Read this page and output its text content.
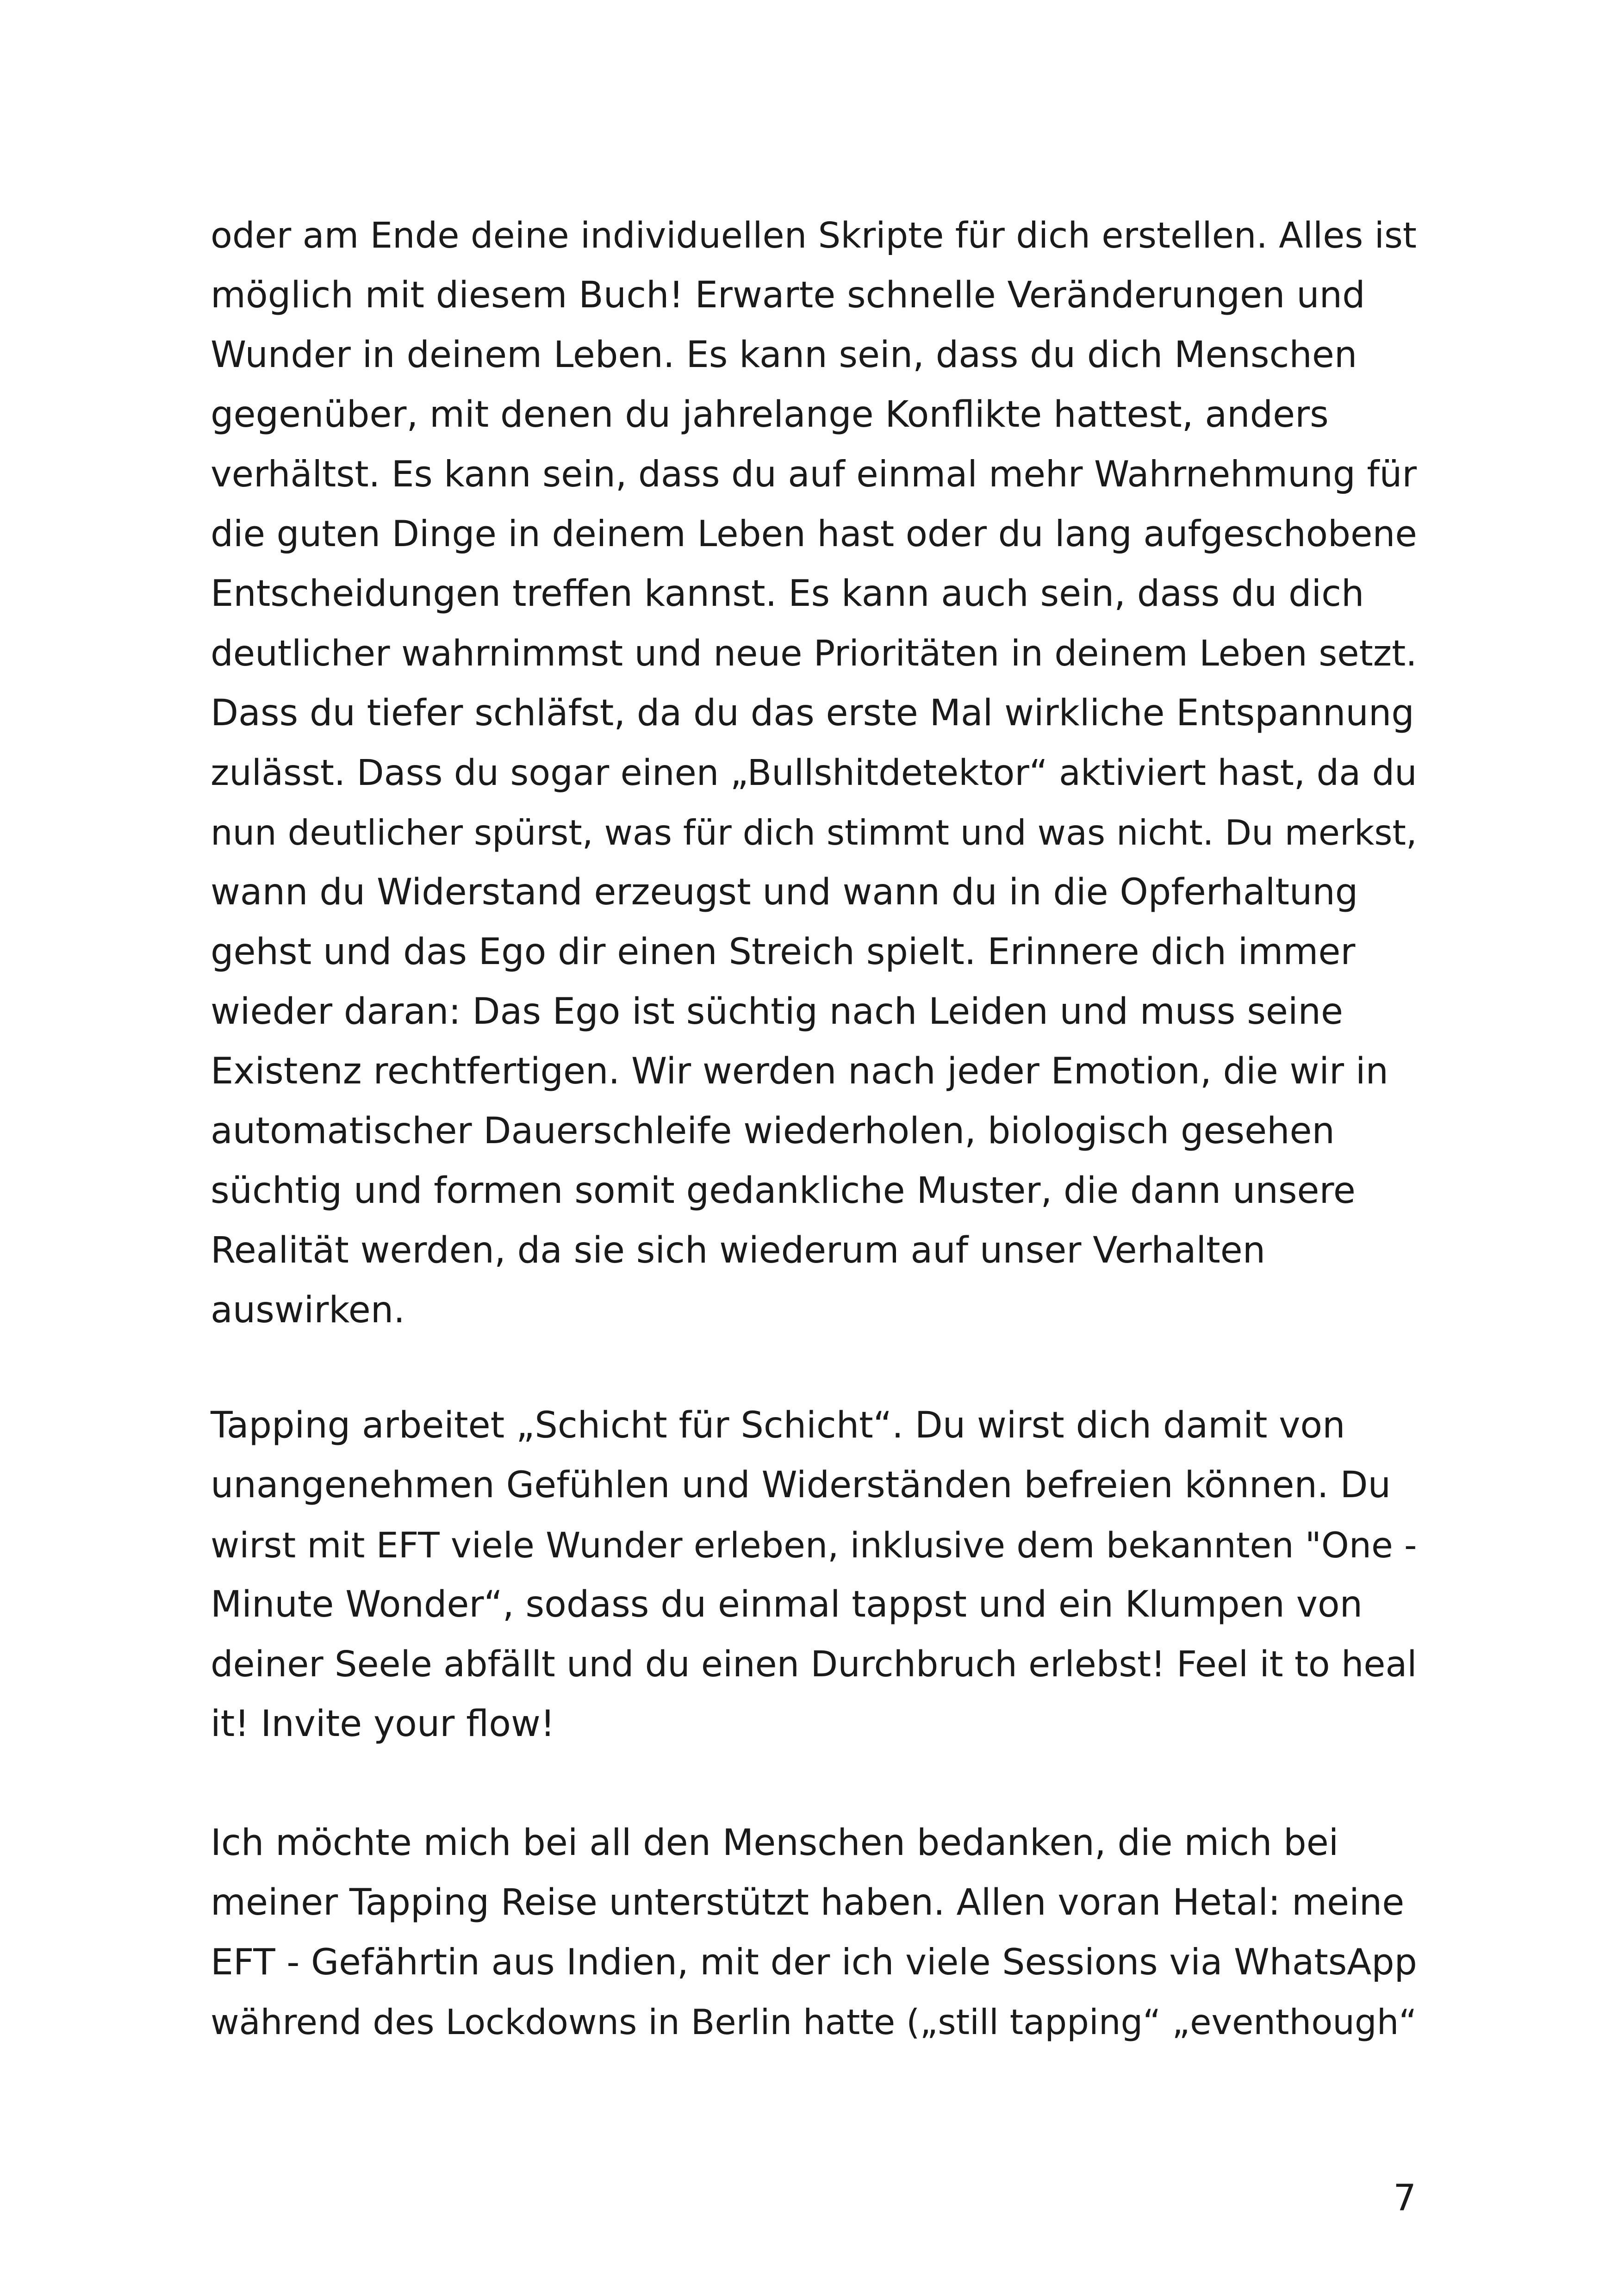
oder am Ende deine individuellen Skripte für dich erstellen. Alles ist
möglich mit diesem Buch! Erwarte schnelle Veränderungen und
Wunder in deinem Leben. Es kann sein, dass du dich Menschen
gegenüber, mit denen du jahrelange Konflikte hattest, anders
verhältst. Es kann sein, dass du auf einmal mehr Wahrnehmung für
die guten Dinge in deinem Leben hast oder du lang aufgeschobene
Entscheidungen treffen kannst. Es kann auch sein, dass du dich
deutlicher wahrnimmst und neue Prioritäten in deinem Leben setzt.
Dass du tiefer schläfst, da du das erste Mal wirkliche Entspannung
zulässt. Dass du sogar einen „Bullshitdetektor“ aktiviert hast, da du
nun deutlicher spürst, was für dich stimmt und was nicht. Du merkst,
wann du Widerstand erzeugst und wann du in die Opferhaltung
gehst und das Ego dir einen Streich spielt. Erinnere dich immer
wieder daran: Das Ego ist süchtig nach Leiden und muss seine
Existenz rechtfertigen. Wir werden nach jeder Emotion, die wir in
automatischer Dauerschleife wiederholen, biologisch gesehen
süchtig und formen somit gedankliche Muster, die dann unsere
Realität werden, da sie sich wiederum auf unser Verhalten
auswirken.
Tapping arbeitet „Schicht für Schicht“. Du wirst dich damit von
unangenehmen Gefühlen und Widerständen befreien können. Du
wirst mit EFT viele Wunder erleben, inklusive dem bekannten "One -
Minute Wonder“, sodass du einmal tappst und ein Klumpen von
deiner Seele abfällt und du einen Durchbruch erlebst! Feel it to heal
it! Invite your flow!
Ich möchte mich bei all den Menschen bedanken, die mich bei
meiner Tapping Reise unterstützt haben. Allen voran Hetal: meine
EFT - Gefährtin aus Indien, mit der ich viele Sessions via WhatsApp
während des Lockdowns in Berlin hatte („still tapping“ „eventhough“
7
